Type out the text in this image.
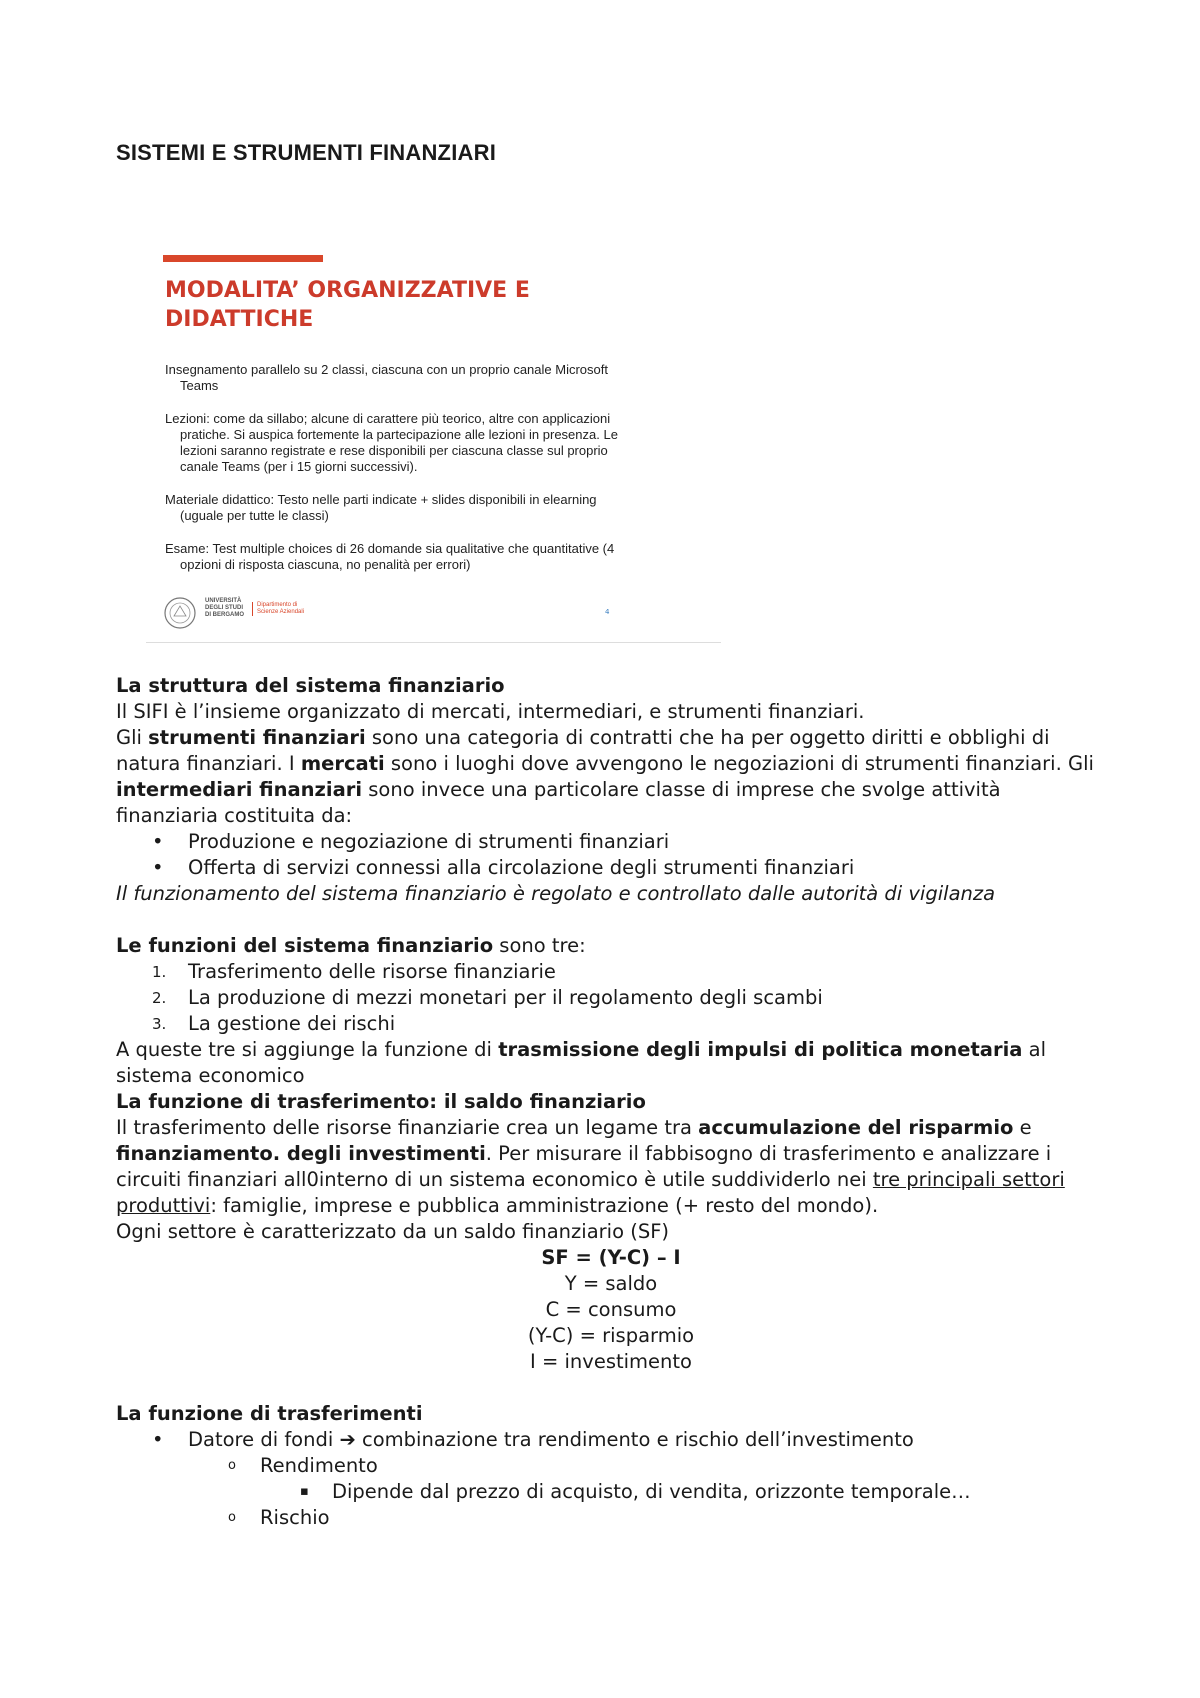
SISTEMI E STRUMENTI FINANZIARI
MODALITA’ ORGANIZZATIVE E DIDATTICHE
Insegnamento parallelo su 2 classi, ciascuna con un proprio canale Microsoft Teams
Lezioni: come da sillabo; alcune di carattere più teorico, altre con applicazioni pratiche. Si auspica fortemente la partecipazione alle lezioni in presenza. Le lezioni saranno registrate e rese disponibili per ciascuna classe sul proprio canale Teams (per i 15 giorni successivi).
Materiale didattico: Testo nelle parti indicate + slides disponibili in elearning (uguale per tutte le classi)
Esame: Test multiple choices di 26 domande sia qualitative che quantitative (4 opzioni di risposta ciascuna, no penalità per errori)
UNIVERSITÀ DEGLI STUDI DI BERGAMO
Dipartimento di Scienze Aziendali	4

La struttura del sistema finanziario

Il SIFI è l’insieme organizzato di mercati, intermediari, e strumenti finanziari.

Gli strumenti finanziari sono una categoria di contratti che ha per oggetto diritti e obblighi di natura finanziari. I mercati sono i luoghi dove avvengono le negoziazioni di strumenti finanziari. Gli intermediari finanziari sono invece una particolare classe di imprese che svolge attività finanziaria costituita da:

• Produzione e negoziazione di strumenti finanziari
• Offerta di servizi connessi alla circolazione degli strumenti finanziari

Il funzionamento del sistema finanziario è regolato e controllato dalle autorità di vigilanza

Le funzioni del sistema finanziario sono tre:

1. Trasferimento delle risorse finanziarie
2. La produzione di mezzi monetari per il regolamento degli scambi
3. La gestione dei rischi

A queste tre si aggiunge la funzione di trasmissione degli impulsi di politica monetaria al sistema economico

La funzione di trasferimento: il saldo finanziario

Il trasferimento delle risorse finanziarie crea un legame tra accumulazione del risparmio e finanziamento. degli investimenti. Per misurare il fabbisogno di trasferimento e analizzare i circuiti finanziari all0interno di un sistema economico è utile suddividerlo nei tre principali settori produttivi: famiglie, imprese e pubblica amministrazione (+ resto del mondo).

Ogni settore è caratterizzato da un saldo finanziario (SF)

SF = (Y-C) – I

Y = saldo

C = consumo

(Y-C) = risparmio

I = investimento

La funzione di trasferimenti

• Datore di fondi ➔ combinazione tra rendimento e rischio dell’investimento
o Rendimento
▪ Dipende dal prezzo di acquisto, di vendita, orizzonte temporale…
o Rischio
